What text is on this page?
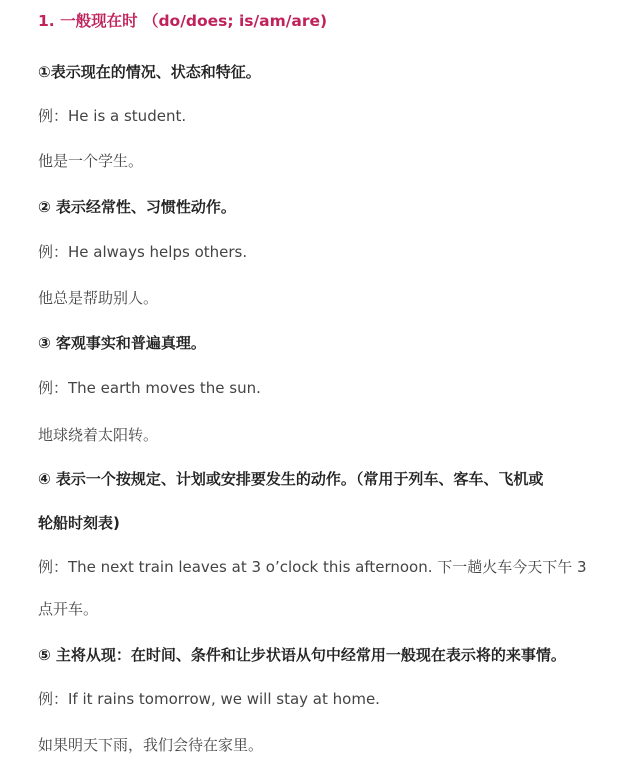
1. 一般现在时 （do/does; is/am/are)
①表示现在的情况、状态和特征。
例：He is a student.
他是一个学生。
② 表示经常性、习惯性动作。
例：He always helps others.
他总是帮助别人。
③ 客观事实和普遍真理。
例：The earth moves the sun.
地球绕着太阳转。
④ 表示一个按规定、计划或安排要发生的动作。（常用于列车、客车、飞机或
轮船时刻表)
例：The next train leaves at 3 o’clock this afternoon. 下一趟火车今天下午 3
点开车。
⑤ 主将从现：在时间、条件和让步状语从句中经常用一般现在表示将的来事情。
例：If it rains tomorrow, we will stay at home.
如果明天下雨，我们会待在家里。
